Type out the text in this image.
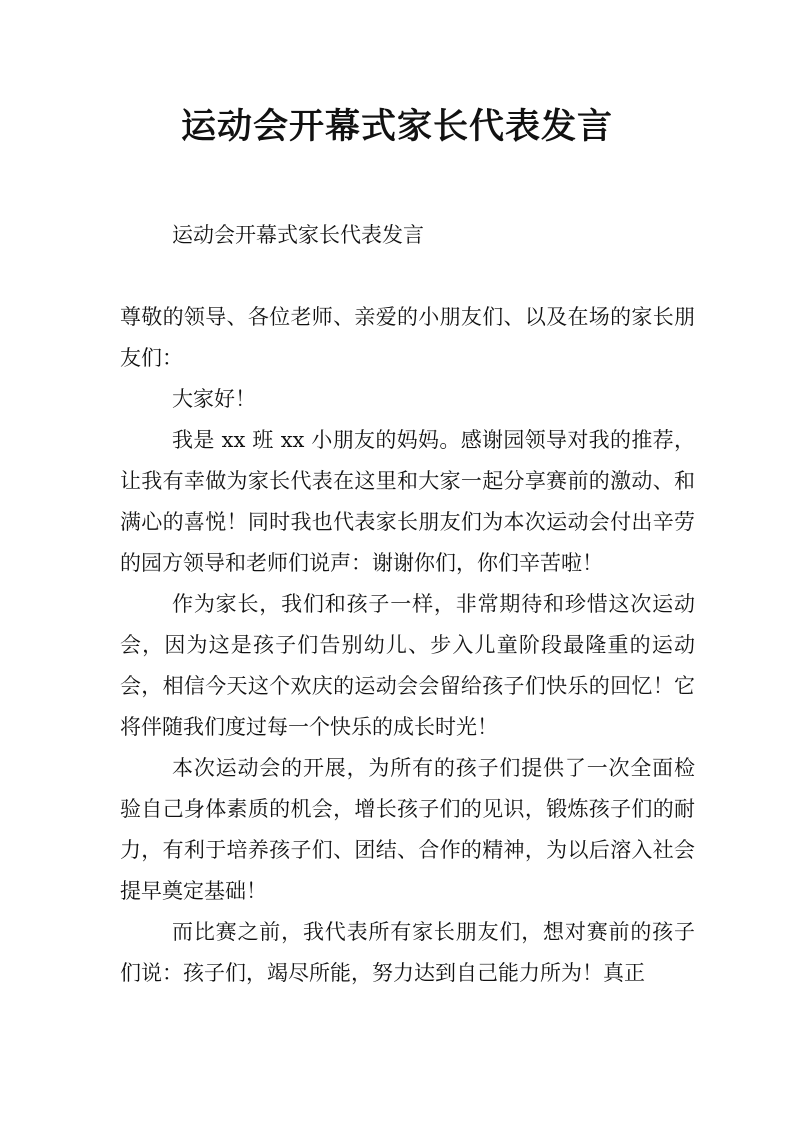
运动会开幕式家长代表发言

运动会开幕式家长代表发言

尊敬的领导、各位老师、亲爱的小朋友们、以及在场的家长朋友们：

大家好！

我是 xx 班 xx 小朋友的妈妈。感谢园领导对我的推荐，让我有幸做为家长代表在这里和大家一起分享赛前的激动、和满心的喜悦！同时我也代表家长朋友们为本次运动会付出辛劳的园方领导和老师们说声：谢谢你们，你们辛苦啦！

作为家长，我们和孩子一样，非常期待和珍惜这次运动会，因为这是孩子们告别幼儿、步入儿童阶段最隆重的运动会，相信今天这个欢庆的运动会会留给孩子们快乐的回忆！它将伴随我们度过每一个快乐的成长时光！

本次运动会的开展，为所有的孩子们提供了一次全面检验自己身体素质的机会，增长孩子们的见识，锻炼孩子们的耐力，有利于培养孩子们、团结、合作的精神，为以后溶入社会提早奠定基础！

而比赛之前，我代表所有家长朋友们，想对赛前的孩子们说：孩子们，竭尽所能，努力达到自己能力所为！真正
